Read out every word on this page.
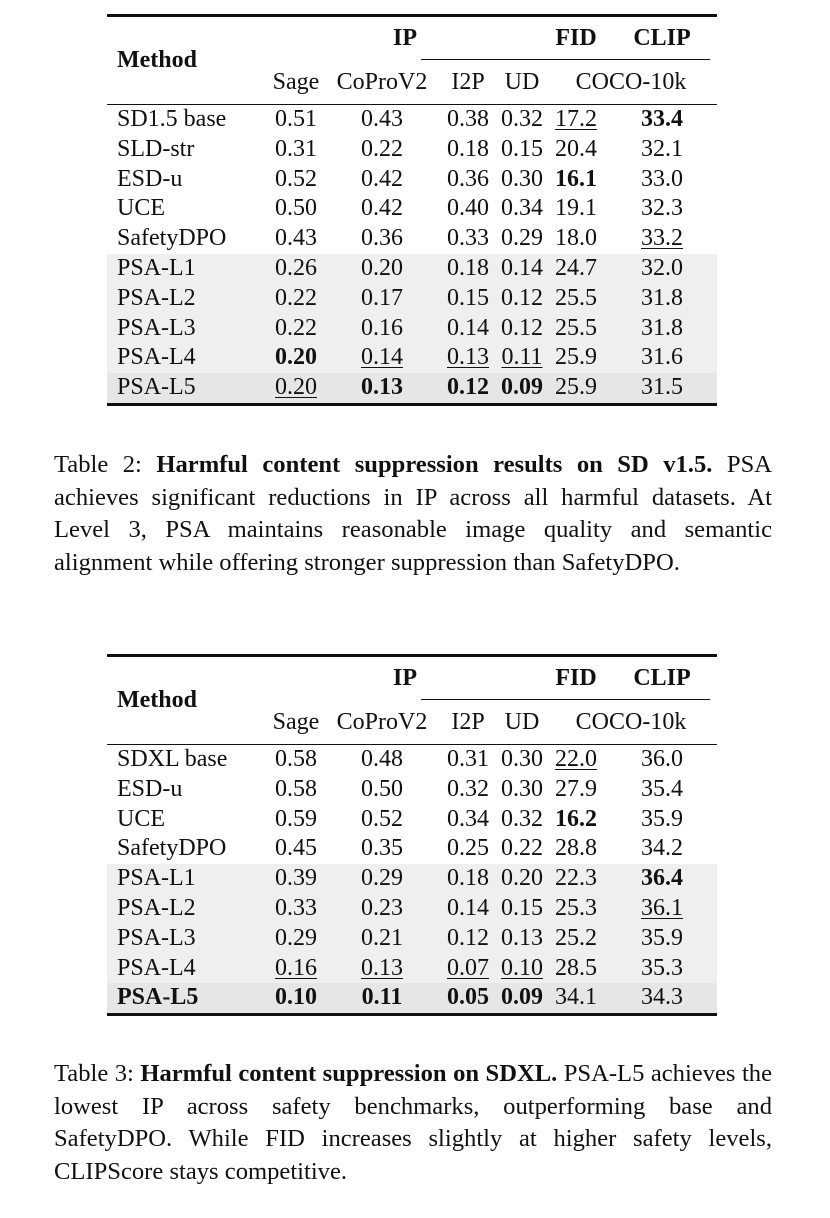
Method	IP				FID	CLIP
	Sage	CoProV2	I2P	UD	COCO-10k	
SD1.5 base	0.51	0.43	0.38	0.32	17.2	33.4
SLD-str	0.31	0.22	0.18	0.15	20.4	32.1
ESD-u	0.52	0.42	0.36	0.30	16.1	33.0
UCE	0.50	0.42	0.40	0.34	19.1	32.3
SafetyDPO	0.43	0.36	0.33	0.29	18.0	33.2
PSA-L1	0.26	0.20	0.18	0.14	24.7	32.0
PSA-L2	0.22	0.17	0.15	0.12	25.5	31.8
PSA-L3	0.22	0.16	0.14	0.12	25.5	31.8
PSA-L4	0.20	0.14	0.13	0.11	25.9	31.6
PSA-L5	0.20	0.13	0.12	0.09	25.9	31.5
Table 2: Harmful content suppression results on SD v1.5. PSA achieves significant reductions in IP across all harmful datasets. At Level 3, PSA maintains reasonable image quality and semantic alignment while offering stronger suppression than SafetyDPO.
Method	IP				FID	CLIP
	Sage	CoProV2	I2P	UD	COCO-10k	
SDXL base	0.58	0.48	0.31	0.30	22.0	36.0
ESD-u	0.58	0.50	0.32	0.30	27.9	35.4
UCE	0.59	0.52	0.34	0.32	16.2	35.9
SafetyDPO	0.45	0.35	0.25	0.22	28.8	34.2
PSA-L1	0.39	0.29	0.18	0.20	22.3	36.4
PSA-L2	0.33	0.23	0.14	0.15	25.3	36.1
PSA-L3	0.29	0.21	0.12	0.13	25.2	35.9
PSA-L4	0.16	0.13	0.07	0.10	28.5	35.3
PSA-L5	0.10	0.11	0.05	0.09	34.1	34.3
Table 3: Harmful content suppression on SDXL. PSA-L5 achieves the lowest IP across safety benchmarks, outperforming base and SafetyDPO. While FID increases slightly at higher safety levels, CLIPScore stays competitive.
